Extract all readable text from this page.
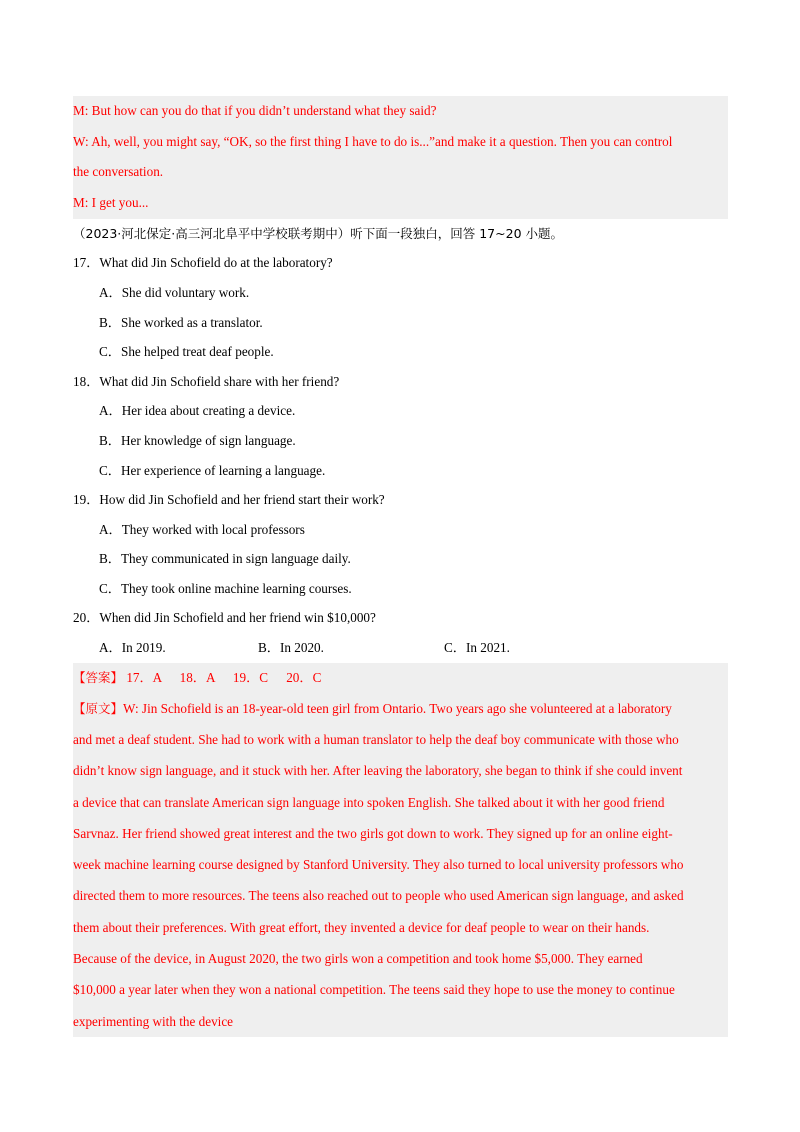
M: But how can you do that if you didn’t understand what they said?
W: Ah, well, you might say, “OK, so the first thing I have to do is...”and make it a question. Then you can control
the conversation.
M: I get you...
（2023·河北保定·高三河北阜平中学校联考期中）听下面一段独白，回答 17~20 小题。
17．What did Jin Schofield do at the laboratory?
A．She did voluntary work.
B．She worked as a translator.
C．She helped treat deaf people.
18．What did Jin Schofield share with her friend?
A．Her idea about creating a device.
B．Her knowledge of sign language.
C．Her experience of learning a language.
19．How did Jin Schofield and her friend start their work?
A．They worked with local professors
B．They communicated in sign language daily.
C．They took online machine learning courses.
20．When did Jin Schofield and her friend win $10,000?
A．In 2019.	B．In 2020.	C．In 2021.
【答案】 17．A 18．A 19．C 20．C
【原文】W: Jin Schofield is an 18-year-old teen girl from Ontario. Two years ago she volunteered at a laboratory
and met a deaf student. She had to work with a human translator to help the deaf boy communicate with those who
didn’t know sign language, and it stuck with her. After leaving the laboratory, she began to think if she could invent
a device that can translate American sign language into spoken English. She talked about it with her good friend
Sarvnaz. Her friend showed great interest and the two girls got down to work. They signed up for an online eight-
week machine learning course designed by Stanford University. They also turned to local university professors who
directed them to more resources. The teens also reached out to people who used American sign language, and asked
them about their preferences. With great effort, they invented a device for deaf people to wear on their hands.
Because of the device, in August 2020, the two girls won a competition and took home $5,000. They earned
$10,000 a year later when they won a national competition. The teens said they hope to use the money to continue
experimenting with the device
